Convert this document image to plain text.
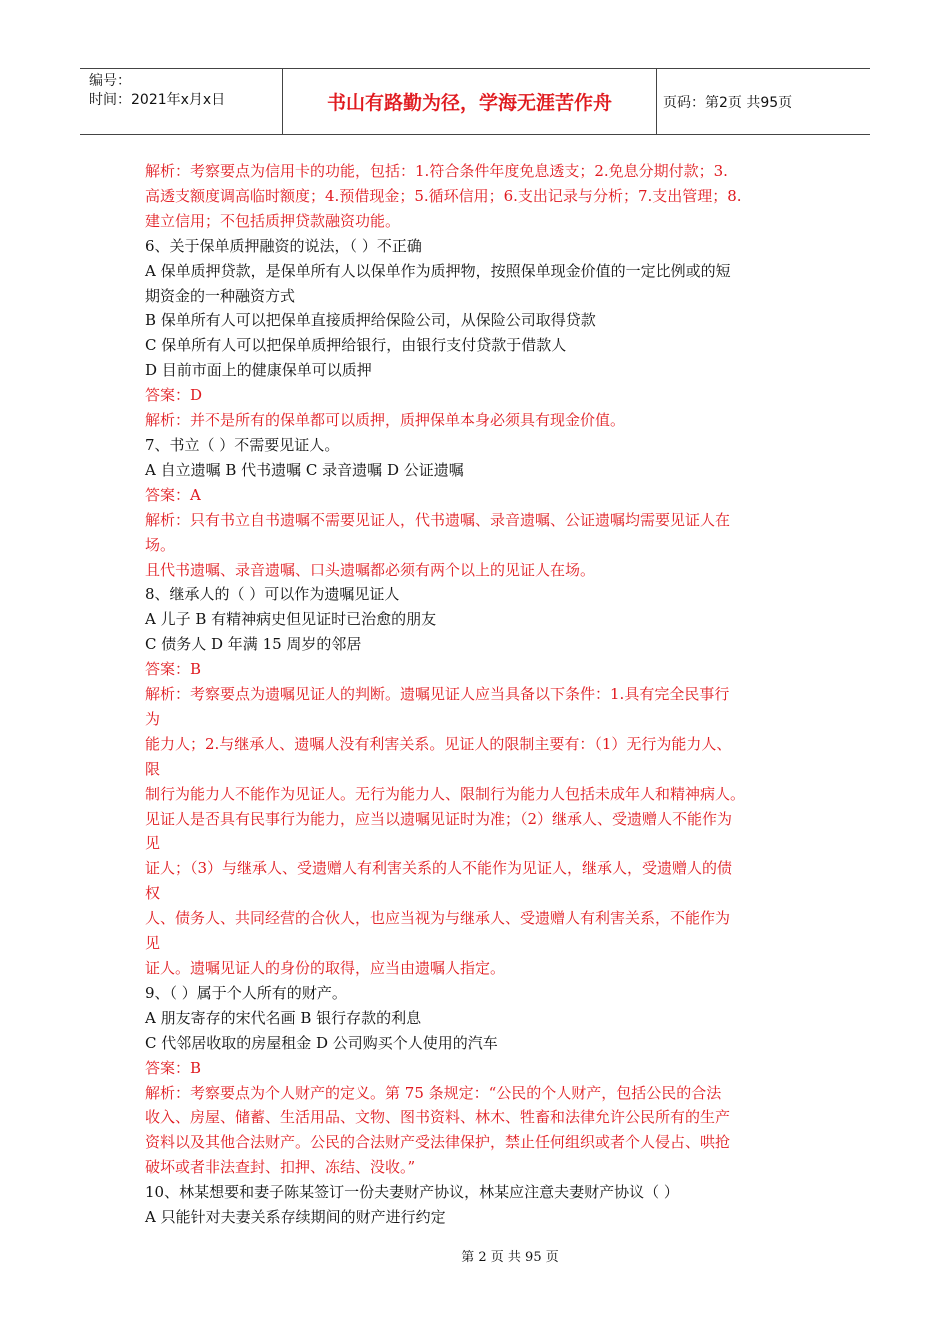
编号：
时间：2021年x月x日	书山有路勤为径，学海无涯苦作舟	页码：第2页 共95页
解析：考察要点为信用卡的功能，包括：1.符合条件年度免息透支；2.免息分期付款；3.
高透支额度调高临时额度；4.预借现金；5.循环信用；6.支出记录与分析；7.支出管理；8.
建立信用；不包括质押贷款融资功能。
6、关于保单质押融资的说法，（ ）不正确
A 保单质押贷款，是保单所有人以保单作为质押物，按照保单现金价值的一定比例或的短
期资金的一种融资方式
B 保单所有人可以把保单直接质押给保险公司，从保险公司取得贷款
C 保单所有人可以把保单质押给银行，由银行支付贷款于借款人
D 目前市面上的健康保单可以质押
答案：D
解析：并不是所有的保单都可以质押，质押保单本身必须具有现金价值。
7、书立（ ）不需要见证人。
A 自立遗嘱 B 代书遗嘱 C 录音遗嘱 D 公证遗嘱
答案：A
解析：只有书立自书遗嘱不需要见证人，代书遗嘱、录音遗嘱、公证遗嘱均需要见证人在
场。
且代书遗嘱、录音遗嘱、口头遗嘱都必须有两个以上的见证人在场。
8、继承人的（ ）可以作为遗嘱见证人
A 儿子 B 有精神病史但见证时已治愈的朋友
C 债务人 D 年满 15 周岁的邻居
答案：B
解析：考察要点为遗嘱见证人的判断。遗嘱见证人应当具备以下条件：1.具有完全民事行
为
能力人；2.与继承人、遗嘱人没有利害关系。见证人的限制主要有：（1）无行为能力人、
限
制行为能力人不能作为见证人。无行为能力人、限制行为能力人包括未成年人和精神病人。
见证人是否具有民事行为能力，应当以遗嘱见证时为准；（2）继承人、受遗赠人不能作为
见
证人；（3）与继承人、受遗赠人有利害关系的人不能作为见证人，继承人，受遗赠人的债
权
人、债务人、共同经营的合伙人，也应当视为与继承人、受遗赠人有利害关系，不能作为
见
证人。遗嘱见证人的身份的取得，应当由遗嘱人指定。
9、（ ）属于个人所有的财产。
A 朋友寄存的宋代名画 B 银行存款的利息
C 代邻居收取的房屋租金 D 公司购买个人使用的汽车
答案：B
解析：考察要点为个人财产的定义。第 75 条规定：“公民的个人财产，包括公民的合法
收入、房屋、储蓄、生活用品、文物、图书资料、林木、牲畜和法律允许公民所有的生产
资料以及其他合法财产。公民的合法财产受法律保护，禁止任何组织或者个人侵占、哄抢
破坏或者非法查封、扣押、冻结、没收。”
10、林某想要和妻子陈某签订一份夫妻财产协议，林某应注意夫妻财产协议（ ）
A 只能针对夫妻关系存续期间的财产进行约定
第 2 页 共 95 页
